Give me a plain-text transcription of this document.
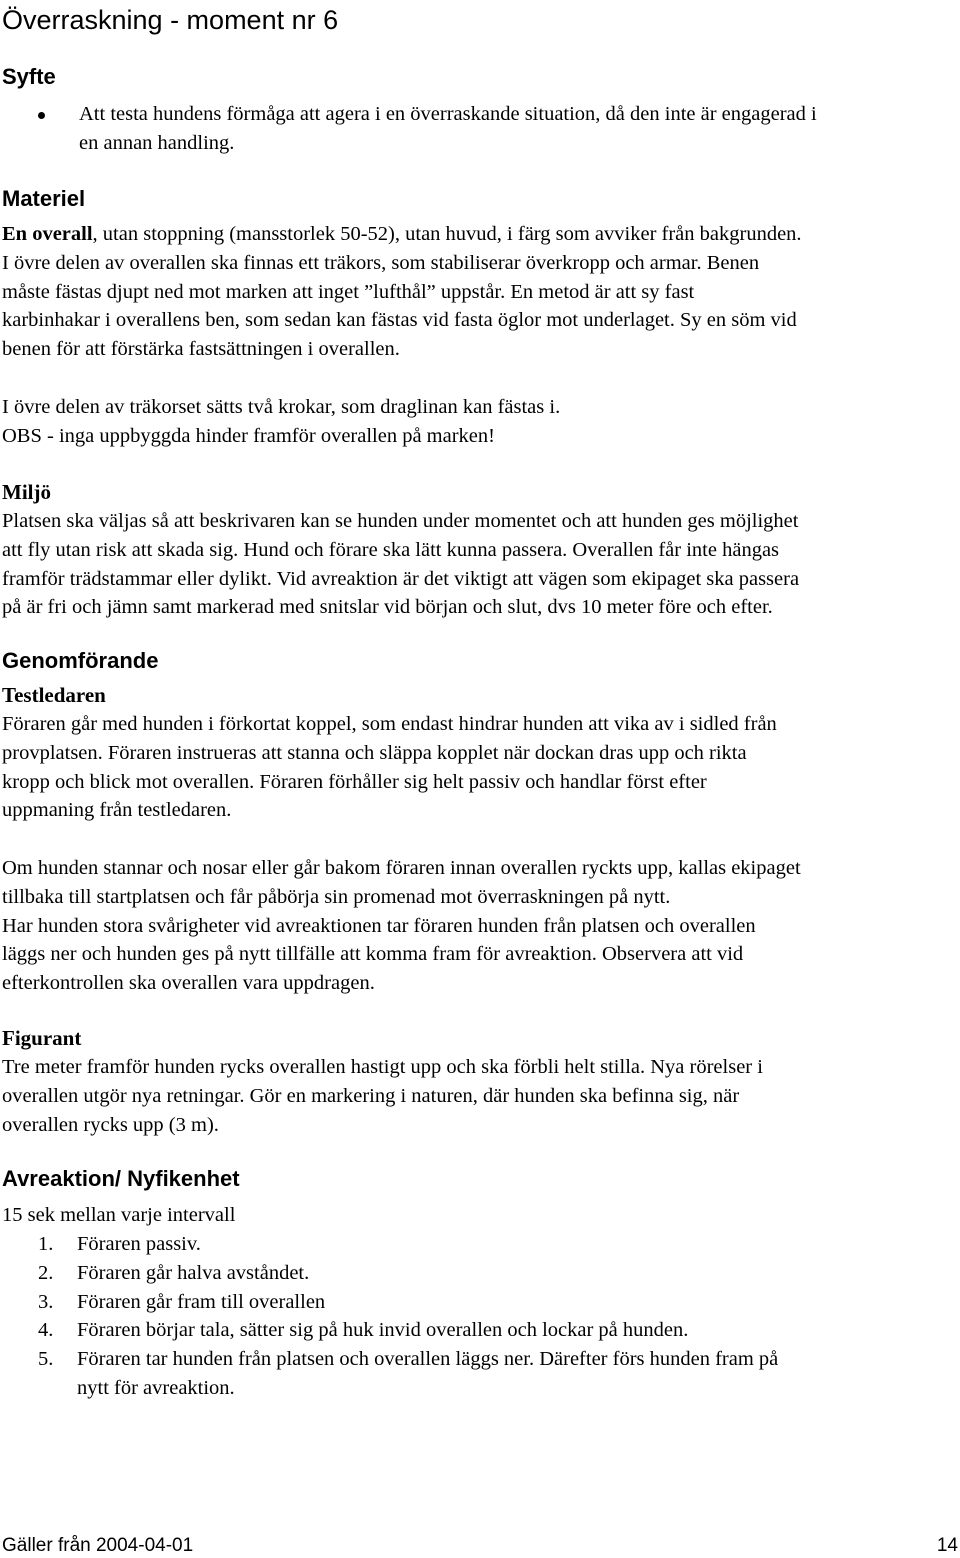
Överraskning - moment nr 6
Syfte
Att testa hundens förmåga att agera i en överraskande situation, då den inte är engagerad i
en annan handling.
Materiel
En overall, utan stoppning (mansstorlek 50-52), utan huvud, i färg som avviker från bakgrunden.
I övre delen av overallen ska finnas ett träkors, som stabiliserar överkropp och armar. Benen
måste fästas djupt ned mot marken att inget ”lufthål” uppstår. En metod är att sy fast
karbinhakar i overallens ben, som sedan kan fästas vid fasta öglor mot underlaget. Sy en söm vid
benen för att förstärka fastsättningen i overallen.
I övre delen av träkorset sätts två krokar, som draglinan kan fästas i.
OBS - inga uppbyggda hinder framför overallen på marken!
Miljö
Platsen ska väljas så att beskrivaren kan se hunden under momentet och att hunden ges möjlighet
att fly utan risk att skada sig. Hund och förare ska lätt kunna passera. Overallen får inte hängas
framför trädstammar eller dylikt. Vid avreaktion är det viktigt att vägen som ekipaget ska passera
på är fri och jämn samt markerad med snitslar vid början och slut, dvs 10 meter före och efter.
Genomförande
Testledaren
Föraren går med hunden i förkortat koppel, som endast hindrar hunden att vika av i sidled från
provplatsen. Föraren instrueras att stanna och släppa kopplet när dockan dras upp och rikta
kropp och blick mot overallen. Föraren förhåller sig helt passiv och handlar först efter
uppmaning från testledaren.
Om hunden stannar och nosar eller går bakom föraren innan overallen ryckts upp, kallas ekipaget
tillbaka till startplatsen och får påbörja sin promenad mot överraskningen på nytt.
Har hunden stora svårigheter vid avreaktionen tar föraren hunden från platsen och overallen
läggs ner och hunden ges på nytt tillfälle att komma fram för avreaktion. Observera att vid
efterkontrollen ska overallen vara uppdragen.
Figurant
Tre meter framför hunden rycks overallen hastigt upp och ska förbli helt stilla. Nya rörelser i
overallen utgör nya retningar. Gör en markering i naturen, där hunden ska befinna sig, när
overallen rycks upp (3 m).
Avreaktion/ Nyfikenhet
15 sek mellan varje intervall
1. Föraren passiv.
2. Föraren går halva avståndet.
3. Föraren går fram till overallen
4. Föraren börjar tala, sätter sig på huk invid overallen och lockar på hunden.
5. Föraren tar hunden från platsen och overallen läggs ner. Därefter förs hunden fram på
nytt för avreaktion.
Gäller från 2004-04-01	14
